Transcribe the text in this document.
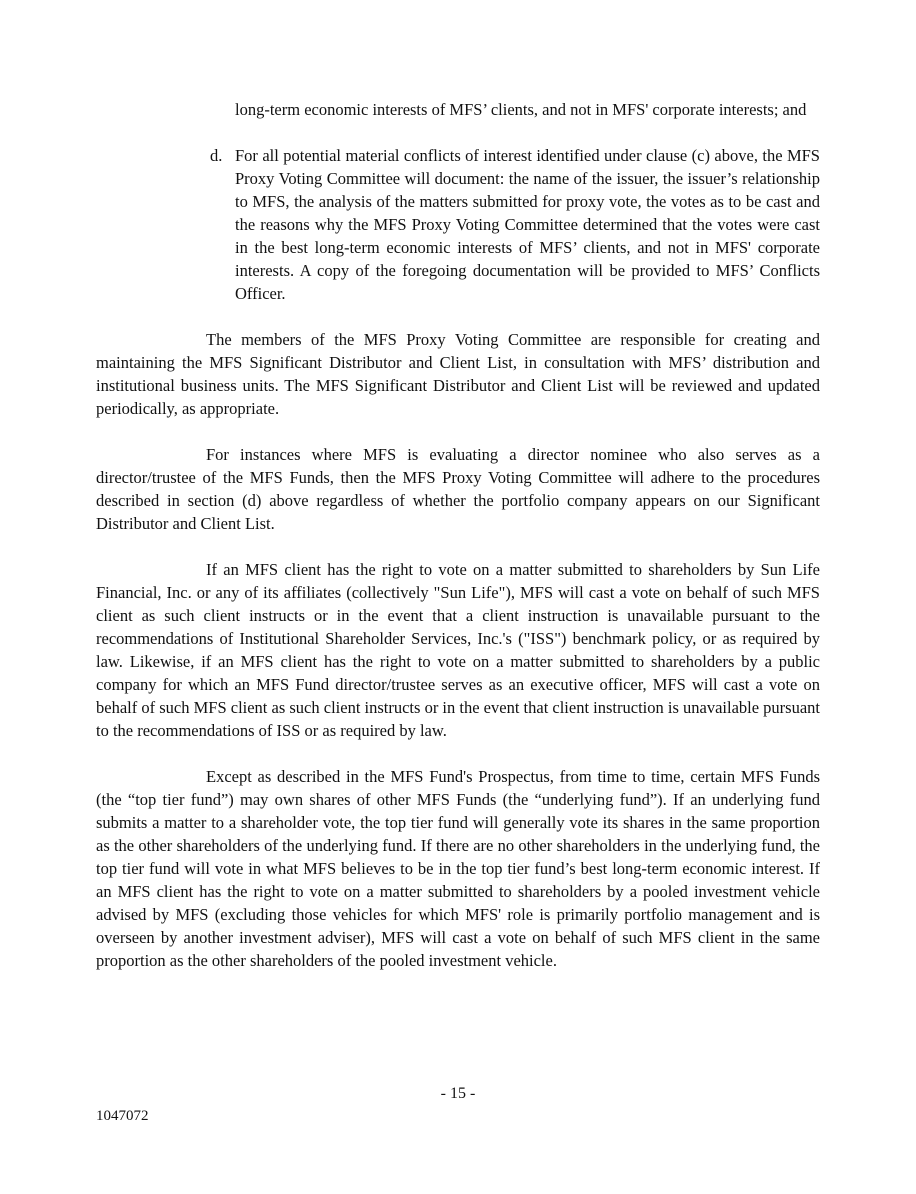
long-term economic interests of MFS’ clients, and not in MFS' corporate interests; and

d. For all potential material conflicts of interest identified under clause (c) above, the MFS Proxy Voting Committee will document: the name of the issuer, the issuer’s relationship to MFS, the analysis of the matters submitted for proxy vote, the votes as to be cast and the reasons why the MFS Proxy Voting Committee determined that the votes were cast in the best long-term economic interests of MFS’ clients, and not in MFS' corporate interests. A copy of the foregoing documentation will be provided to MFS’ Conflicts Officer.

The members of the MFS Proxy Voting Committee are responsible for creating and maintaining the MFS Significant Distributor and Client List, in consultation with MFS’ distribution and institutional business units. The MFS Significant Distributor and Client List will be reviewed and updated periodically, as appropriate.

For instances where MFS is evaluating a director nominee who also serves as a director/trustee of the MFS Funds, then the MFS Proxy Voting Committee will adhere to the procedures described in section (d) above regardless of whether the portfolio company appears on our Significant Distributor and Client List.

If an MFS client has the right to vote on a matter submitted to shareholders by Sun Life Financial, Inc. or any of its affiliates (collectively "Sun Life"), MFS will cast a vote on behalf of such MFS client as such client instructs or in the event that a client instruction is unavailable pursuant to the recommendations of Institutional Shareholder Services, Inc.'s ("ISS") benchmark policy, or as required by law. Likewise, if an MFS client has the right to vote on a matter submitted to shareholders by a public company for which an MFS Fund director/trustee serves as an executive officer, MFS will cast a vote on behalf of such MFS client as such client instructs or in the event that client instruction is unavailable pursuant to the recommendations of ISS or as required by law.

Except as described in the MFS Fund's Prospectus, from time to time, certain MFS Funds (the “top tier fund”) may own shares of other MFS Funds (the “underlying fund”). If an underlying fund submits a matter to a shareholder vote, the top tier fund will generally vote its shares in the same proportion as the other shareholders of the underlying fund. If there are no other shareholders in the underlying fund, the top tier fund will vote in what MFS believes to be in the top tier fund’s best long-term economic interest. If an MFS client has the right to vote on a matter submitted to shareholders by a pooled investment vehicle advised by MFS (excluding those vehicles for which MFS' role is primarily portfolio management and is overseen by another investment adviser), MFS will cast a vote on behalf of such MFS client in the same proportion as the other shareholders of the pooled investment vehicle.

- 15 -
1047072
